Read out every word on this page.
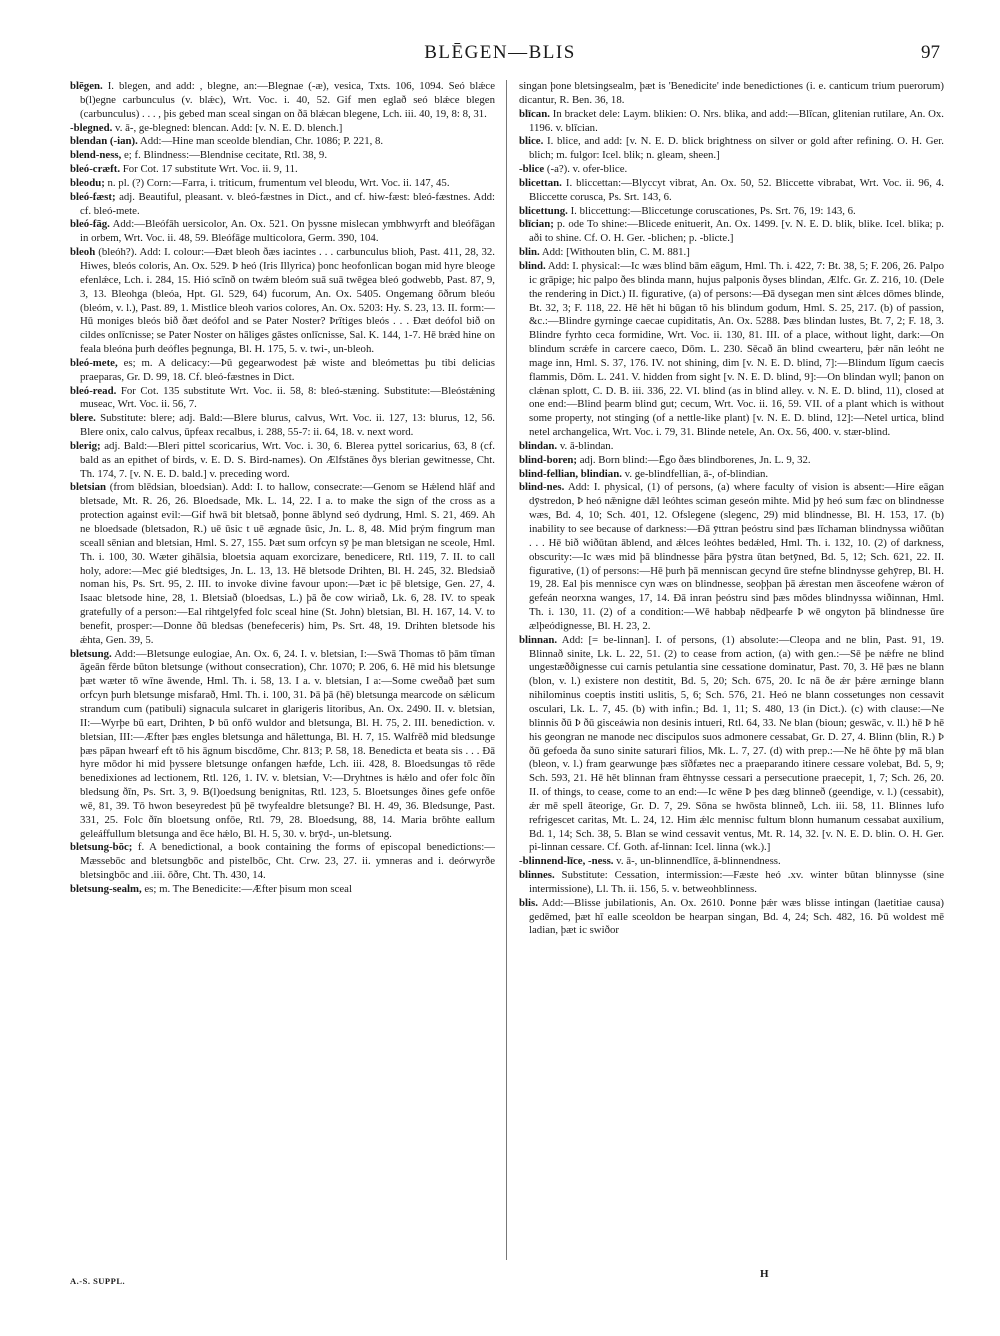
BLĒGEN—BLIS	97

blēgen. I. blegen, and add: , blegne, an:—Blegnae (-æ), vesica, Txts. 106, 1094. Seó blǽce b(l)egne carbunculus (v. blǽc), Wrt. Voc. i. 40, 52. Gif men eglað seó blǽce blegen (carbunculus) . . . , þis gebed man sceal singan on ðā blǽcan blegene, Lch. iii. 40, 19, 8: 8, 31.

-blegned. v. ā-, ge-blegned: blencan. Add: [v. N. E. D. blench.]

blendan (-ian). Add:—Hine man sceolde blendian, Chr. 1086; P. 221, 8.

blend-ness, e; f. Blindness:—Blendnise cecitate, Rtl. 38, 9.

bleó-cræft. For Cot. 17 substitute Wrt. Voc. ii. 9, 11.

bleodu; n. pl. (?) Corn:—Farra, i. triticum, frumentum vel bleodu, Wrt. Voc. ii. 147, 45.

bleó-fæst; adj. Beautiful, pleasant. v. bleó-fæstnes in Dict., and cf. hiw-fæst: bleó-fæstnes. Add: cf. bleó-mete.

bleó-fāg. Add:—Bleófāh uersicolor, An. Ox. 521. On þyssne mislecan ymbhwyrft and bleófāgan in orbem, Wrt. Voc. ii. 48, 59. Bleófāge multicolora, Germ. 390, 104.

bleoh (bleóh?). Add: I. colour:—Ðæt bleoh ðæs iacintes . . . carbunculus blioh, Past. 411, 28, 32. Hiwes, bleós coloris, An. Ox. 529. Þ heó (Iris Illyrica) þonc heofonlican bogan mid hyre bleoge efenlǽce, Lch. i. 284, 15. Hió scīnð on twǽm bleóm suā suā twēgea bleó godwebb, Past. 87, 9, 3, 13. Bleohga (bleóa, Hpt. Gl. 529, 64) fucorum, An. Ox. 5405. Ongemang ōðrum bleóu (bleóm, v. l.), Past. 89, 1. Mistlice bleoh varios colores, An. Ox. 5203: Hy. S. 23, 13. II. form:—Hū moniges bleós bið ðæt deófol and se Pater Noster? Þrītiges bleós . . . Ðæt deófol bið on cildes onlīcnisse; se Pater Noster on hāliges gāstes onlīcnisse, Sal. K. 144, 1-7. Hē brǽd hine on feala bleóna þurh deófles þegnunga, Bl. H. 175, 5. v. twi-, un-bleoh.

bleó-mete, es; m. A delicacy:—Þū gegearwodest þǽ wiste and bleómettas þu tibi delicias praeparas, Gr. D. 99, 18. Cf. bleó-fæstnes in Dict.

bleó-read. For Cot. 135 substitute Wrt. Voc. ii. 58, 8: bleó-stæning. Substitute:—Bleóstǽning museac, Wrt. Voc. ii. 56, 7.

blere. Substitute: blere; adj. Bald:—Blere blurus, calvus, Wrt. Voc. ii. 127, 13: blurus, 12, 56. Blere onix, calo calvus, ūpfeax recalbus, i. 288, 55-7: ii. 64, 18. v. next word.

blerig; adj. Bald:—Bleri pittel scoricarius, Wrt. Voc. i. 30, 6. Blerea pyttel soricarius, 63, 8 (cf. bald as an epithet of birds, v. E. D. S. Bird-names). On Ælfstānes ðys blerian gewitnesse, Cht. Th. 174, 7. [v. N. E. D. bald.] v. preceding word.

bletsian (from blēdsian, bloedsian). Add: I. to hallow, consecrate:—Genom se Hǽlend hlāf and bletsade, Mt. R. 26, 26. Bloedsade, Mk. L. 14, 22. I a. to make the sign of the cross as a protection against evil:—Gif hwā bit bletsað, þonne āblynd seó dydrung, Hml. S. 21, 469. Ah ne bloedsade (bletsadon, R.) uē ūsic t uē ægnade ūsic, Jn. L. 8, 48. Mid þrým fingrum man sceall sēnian and bletsian, Hml. S. 27, 155. Þæt sum orfcyn sȳ þe man bletsigan ne sceole, Hml. Th. i. 100, 30. Wæter gihālsia, bloetsia aquam exorcizare, benedicere, Rtl. 119, 7. II. to call holy, adore:—Mec gié bledtsiges, Jn. L. 13, 13. Hē bletsode Drihten, Bl. H. 245, 32. Bledsiað noman his, Ps. Srt. 95, 2. III. to invoke divine favour upon:—Þæt ic þē bletsige, Gen. 27, 4. Isaac bletsode hine, 28, 1. Bletsiað (bloedsas, L.) þā ðe cow wiriað, Lk. 6, 28. IV. to speak gratefully of a person:—Eal rihtgelȳfed folc sceal hine (St. John) bletsian, Bl. H. 167, 14. V. to benefit, prosper:—Donne ðū bledsas (benefeceris) him, Ps. Srt. 48, 19. Drihten bletsode his ǽhta, Gen. 39, 5.

bletsung. Add:—Bletsunge eulogiae, An. Ox. 6, 24. I. v. bletsian, I:—Swā Thomas tō þām tīman āgeān fērde būton bletsunge (without consecration), Chr. 1070; P. 206, 6. Hē mid his bletsunge þæt wæter tō wīne āwende, Hml. Th. i. 58, 13. I a. v. bletsian, I a:—Some cweðað þæt sum orfcyn þurh bletsunge misfarað, Hml. Th. i. 100, 31. Þā þā (hē) bletsunga mearcode on sǽlicum strandum cum (patibuli) signacula sulcaret in glarigeris litoribus, An. Ox. 2490. II. v. bletsian, II:—Wyrþe bū eart, Drihten, Þ bū onfō wuldor and bletsunga, Bl. H. 75, 2. III. benediction. v. bletsian, III:—Æfter þæs engles bletsunga and hālettunga, Bl. H. 7, 15. Walfrēð mid bledsunge þæs pāpan hwearf eft tō his āgnum biscdōme, Chr. 813; P. 58, 18. Benedicta et beata sis . . . Ðā hyre mōdor hi mid þyssere bletsunge onfangen hæfde, Lch. iii. 428, 8. Bloedsungas tō rēde benedixiones ad lectionem, Rtl. 126, 1. IV. v. bletsian, V:—Dryhtnes is hǽlo and ofer folc ðīn bledsung ðīn, Ps. Srt. 3, 9. B(l)oedsung benignitas, Rtl. 123, 5. Bloetsunges ðines gefe onfōe wē, 81, 39. Tō hwon beseyredest þū þē twyfealdre bletsunge? Bl. H. 49, 36. Bledsunge, Past. 331, 25. Folc ðīn bloetsung onfōe, Rtl. 79, 28. Bloedsung, 88, 14. Maria brōhte eallum geleáffullum bletsunga and ēce hǽlo, Bl. H. 5, 30. v. brȳd-, un-bletsung.

bletsung-bōc; f. A benedictional, a book containing the forms of episcopal benedictions:—Mæssebōc and bletsungbōc and pistelbōc, Cht. Crw. 23, 27. ii. ymneras and i. deórwyrðe bletsingbōc and .iii. ōðre, Cht. Th. 430, 14.

bletsung-sealm, es; m. The Benedicite:—Æfter þisum mon sceal

singan þone bletsingsealm, þæt is 'Benedicite' inde benedictiones (i. e. canticum trium puerorum) dicantur, R. Ben. 36, 18.

blīcan. In bracket dele: Laym. blikien: O. Nrs. blika, and add:—Blīcan, glitenian rutilare, An. Ox. 1196. v. blīcian.

blice. I. blice, and add: [v. N. E. D. blick brightness on silver or gold after refining. O. H. Ger. blich; m. fulgor: Icel. blik; n. gleam, sheen.]

-blice (-a?). v. ofer-blice.

blicettan. I. bliccettan:—Blyccyt vibrat, An. Ox. 50, 52. Bliccette vibrabat, Wrt. Voc. ii. 96, 4. Bliccette corusca, Ps. Srt. 143, 6.

blicettung. I. bliccettung:—Bliccetunge coruscationes, Ps. Srt. 76, 19: 143, 6.

blīcian; p. ode To shine:—Blicede enituerit, An. Ox. 1499. [v. N. E. D. blik, blike. Icel. blika; p. aði to shine. Cf. O. H. Ger. -blichen; p. -blicte.]

blin. Add: [Withouten blin, C. M. 881.]

blind. Add: I. physical:—Ic wæs blind bām eāgum, Hml. Th. i. 422, 7: Bt. 38, 5; F. 206, 26. Palpo ic grāpige; hic palpo ðes blinda mann, hujus palponis ðyses blindan, Ælfc. Gr. Z. 216, 10. (Dele the rendering in Dict.) II. figurative, (a) of persons:—Ðā dysegan men sint ǽlces dōmes blinde, Bt. 32, 3; F. 118, 22. Hē hēt hi būgan tō his blindum godum, Hml. S. 25, 217. (b) of passion, &c.:—Blindre gyrninge caecae cupiditatis, An. Ox. 5288. Þæs blindan lustes, Bt. 7, 2; F. 18, 3. Blindre fyrhto ceca formidine, Wrt. Voc. ii. 130, 81. III. of a place, without light, dark:—On blindum scrǽfe in carcere caeco, Dōm. L. 230. Sēcað ān blind cwearteru, þǽr nān leóht ne mage inn, Hml. S. 37, 176. IV. not shining, dim [v. N. E. D. blind, 7]:—Blindum līgum caecis flammis, Dōm. L. 241. V. hidden from sight [v. N. E. D. blind, 9]:—On blindan wyll; þanon on clǽnan splott, C. D. B. iii. 336, 22. VI. blind (as in blind alley. v. N. E. D. blind, 11), closed at one end:—Blind þearm blind gut; cecum, Wrt. Voc. ii. 16, 59. VII. of a plant which is without some property, not stinging (of a nettle-like plant) [v. N. E. D. blind, 12]:—Netel urtica, blind netel archangelica, Wrt. Voc. i. 79, 31. Blinde netele, An. Ox. 56, 400. v. stær-blind.

blindan. v. ā-blindan.

blind-boren; adj. Born blind:—Ēgo ðæs blindborenes, Jn. L. 9, 32.

blind-fellian, blindian. v. ge-blindfellian, ā-, of-blindian.

blind-nes. Add: I. physical, (1) of persons, (a) where faculty of vision is absent:—Hire eāgan dȳstredon, Þ heó nǣnigne dǣl leóhtes sciman geseón mihte. Mid þȳ heó sum fæc on blindnesse wæs, Bd. 4, 10; Sch. 401, 12. Ofslegene (slegenc, 29) mid blindnesse, Bl. H. 153, 17. (b) inability to see because of darkness:—Ðā ȳttran þeóstru sind þæs līchaman blindnyssa wiðūtan . . . Hē bið wiðūtan āblend, and ǽlces leóhtes bedǽled, Hml. Th. i. 132, 10. (2) of darkness, obscurity:—Ic wæs mid þā blindnesse þāra þȳstra ūtan betȳned, Bd. 5, 12; Sch. 621, 22. II. figurative, (1) of persons:—Hē þurh þā menniscan gecynd ūre stefne blindnysse gehȳrep, Bl. H. 19, 28. Eal þis mennisce cyn wæs on blindnesse, seoþþan þā ǽrestan men āsceofene wǽron of gefeán neorxna wanges, 17, 14. Ðā inran þeóstru sind þæs mōdes blindnyssa wiðinnan, Hml. Th. i. 130, 11. (2) of a condition:—Wē habbaþ nēdþearfe Þ wē ongyton þā blindnesse ūre ælþeódignesse, Bl. H. 23, 2.

blinnan. Add: [= be-linnan]. I. of persons, (1) absolute:—Cleopa and ne blin, Past. 91, 19. Blinnað sinite, Lk. L. 22, 51. (2) to cease from action, (a) with gen.:—Sē þe nǽfre ne blind ungestæððignesse cui carnis petulantia sine cessatione dominatur, Past. 70, 3. Hē þæs ne blann (blon, v. l.) existere non destitit, Bd. 5, 20; Sch. 675, 20. Ic nā ðe ǽr þǽre ærninge blann nihilominus coeptis institi uslitis, 5, 6; Sch. 576, 21. Heó ne blann cossetunges non cessavit osculari, Lk. L. 7, 45. (b) with infin.; Bd. 1, 11; S. 480, 13 (in Dict.). (c) with clause:—Ne blinnis ðū Þ ðū gisceáwia non desinis intueri, Rtl. 64, 33. Ne blan (bioun; geswāc, v. ll.) hē Þ hē his geongran ne manode nec discipulos suos admonere cessabat, Gr. D. 27, 4. Blinn (blin, R.) Þ ðū gefoeda ða suno sinite saturari filios, Mk. L. 7, 27. (d) with prep.:—Ne hē ōhte þȳ mā blan (bleon, v. l.) fram gearwunge þæs sīðfætes nec a praeparando itinere cessare volebat, Bd. 5, 9; Sch. 593, 21. Hē hēt blinnan fram ēhtnysse cessari a persecutione praecepit, 1, 7; Sch. 26, 20. II. of things, to cease, come to an end:—Ic wēne Þ þes dæg blinneð (geendige, v. l.) (cessabit), ǽr mē spell āteorige, Gr. D. 7, 29. Sōna se hwōsta blinneð, Lch. iii. 58, 11. Blinnes lufo refrigescet caritas, Mt. L. 24, 12. Him ǽlc mennisc fultum blonn humanum cessabat auxilium, Bd. 1, 14; Sch. 38, 5. Blan se wind cessavit ventus, Mt. R. 14, 32. [v. N. E. D. blin. O. H. Ger. pi-linnan cessare. Cf. Goth. af-linnan: Icel. linna (wk.).]

-blinnend-līce, -ness. v. ā-, un-blinnendlīce, ā-blinnendness.

blinnes. Substitute: Cessation, intermission:—Fæste heó .xv. winter būtan blinnysse (sine intermissione), Ll. Th. ii. 156, 5. v. betweohblinness.

blis. Add:—Blisse jubilationis, An. Ox. 2610. Þonne þǽr wæs blisse intingan (laetitiae causa) gedēmed, þæt hī ealle sceoldon be hearpan singan, Bd. 4, 24; Sch. 482, 16. Þū woldest mē ladian, þæt ic swiðor

A.-S. SUPPL.
H
